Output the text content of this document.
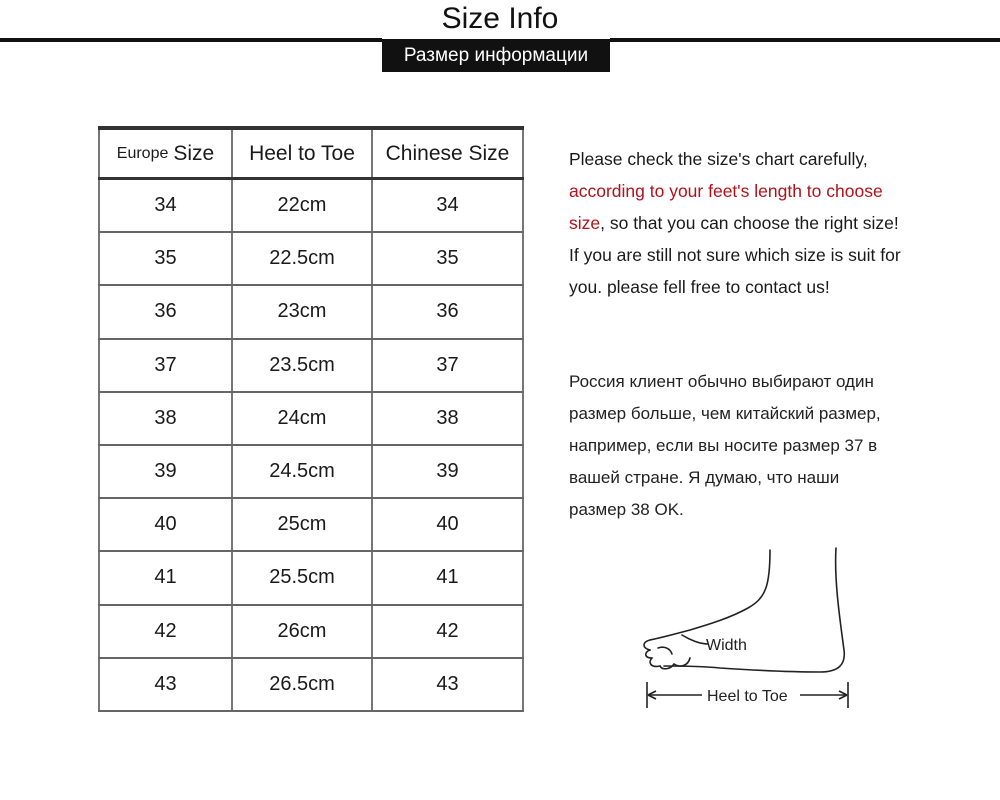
Size Info
Размер информации
Europe Size	Heel to Toe	Chinese Size
34	22cm	34
35	22.5cm	35
36	23cm	36
37	23.5cm	37
38	24cm	38
39	24.5cm	39
40	25cm	40
41	25.5cm	41
42	26cm	42
43	26.5cm	43
Please check the size's chart carefully,
according to your feet's length to choose
size, so that you can choose the right size!
If you are still not sure which size is suit for
you. please fell free to contact us!
Россия клиент обычно выбирают один
размер больше, чем китайский размер,
например, если вы носите размер 37 в
вашей стране. Я думаю, что наши
размер 38 OK.
Width
Heel to Toe
